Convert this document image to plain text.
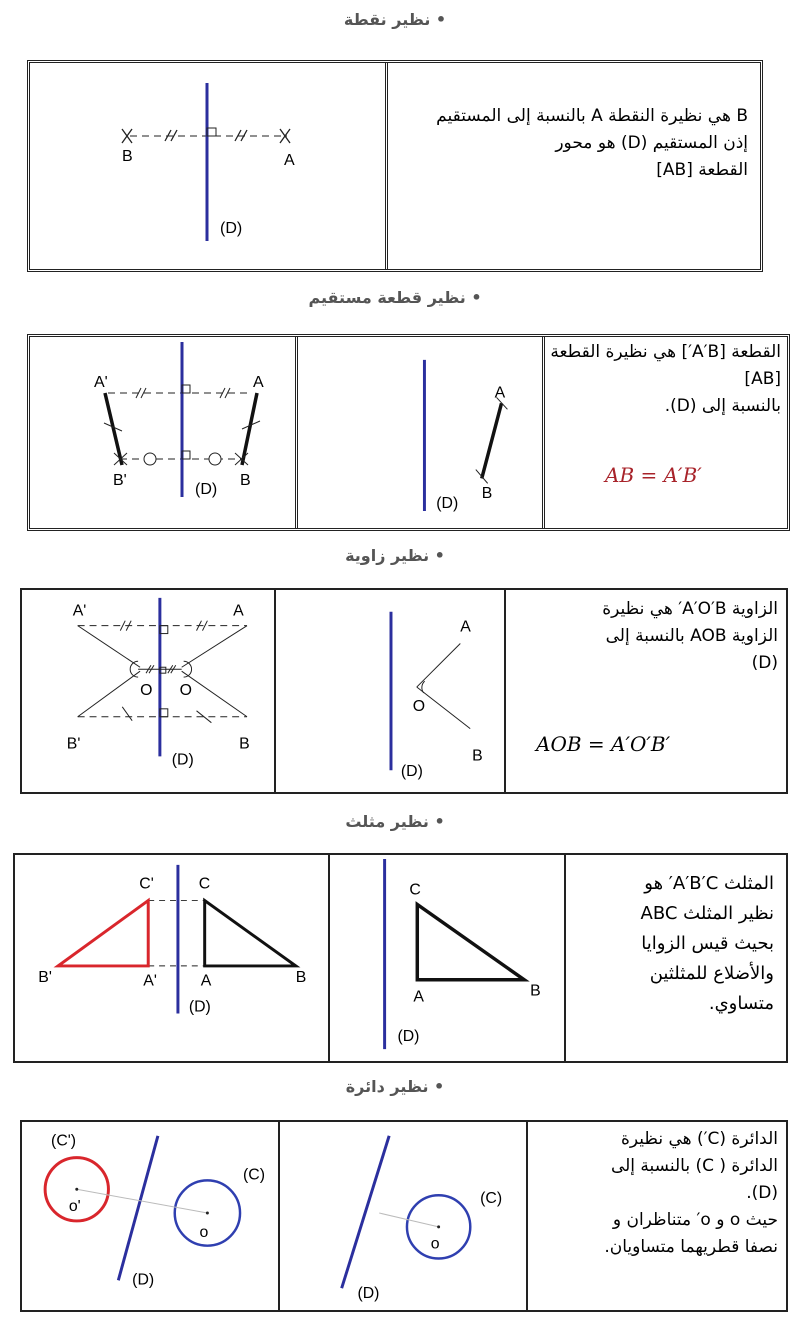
• نظير نقطة
B هي نظيرة النقطة A بالنسبة إلى المستقيم
إذن المستقيم (D) هو محور
القطعة [AB]
B	A
(D)
• نظير قطعة مستقيم
القطعة [A′B′] هي نظيرة القطعة [AB]
بالنسبة إلى (D).
AB = A′B′
A
B
(D)
A'	A
B'	B
(D)
• نظير زاوية
الزاوية A′O′B′ هي نظيرة
الزاوية AOB بالنسبة إلى
(D)
AOB = A′O′B′
O
A
B
(D)
A'	A
O O
B'	B
(D)
• نظير مثلث
المثلث A′B′C′ هو
نظير المثلث ABC
بحيث قيس الزوايا
والأضلاع للمثلثين
متساوي.
C
A	B
(D)
C'	C
B'	A'	A	B
(D)
• نظير دائرة
الدائرة (C′) هي نظيرة
الدائرة ( C) بالنسبة إلى
(D).
حيث o و o′ متناظران و
نصفا قطريهما متساويان.
o
(C)
(D)
(C')
o'
o
(C)
(D)
